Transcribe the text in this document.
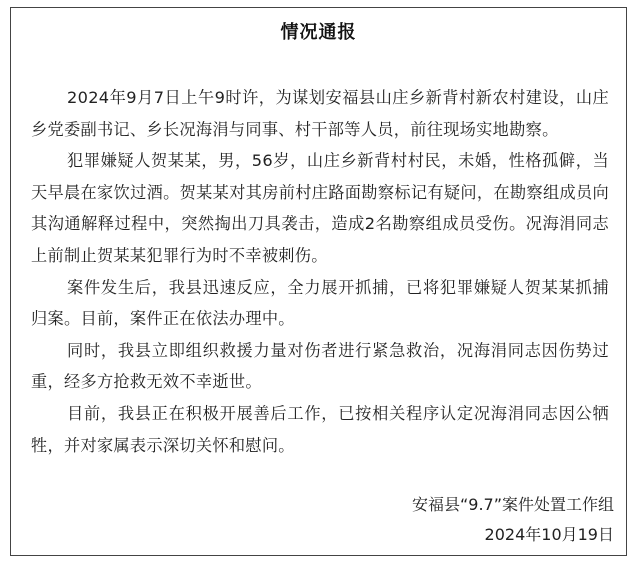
情况通报

2024年9月7日上午9时许，为谋划安福县山庄乡新背村新农村建设，山庄乡党委副书记、乡长况海涓与同事、村干部等人员，前往现场实地勘察。

犯罪嫌疑人贺某某，男，56岁，山庄乡新背村村民，未婚，性格孤僻，当天早晨在家饮过酒。贺某某对其房前村庄路面勘察标记有疑问，在勘察组成员向其沟通解释过程中，突然掏出刀具袭击，造成2名勘察组成员受伤。况海涓同志上前制止贺某某犯罪行为时不幸被刺伤。

案件发生后，我县迅速反应，全力展开抓捕，已将犯罪嫌疑人贺某某抓捕归案。目前，案件正在依法办理中。

同时，我县立即组织救援力量对伤者进行紧急救治，况海涓同志因伤势过重，经多方抢救无效不幸逝世。

目前，我县正在积极开展善后工作，已按相关程序认定况海涓同志因公牺牲，并对家属表示深切关怀和慰问。

安福县“9.7”案件处置工作组
2024年10月19日
